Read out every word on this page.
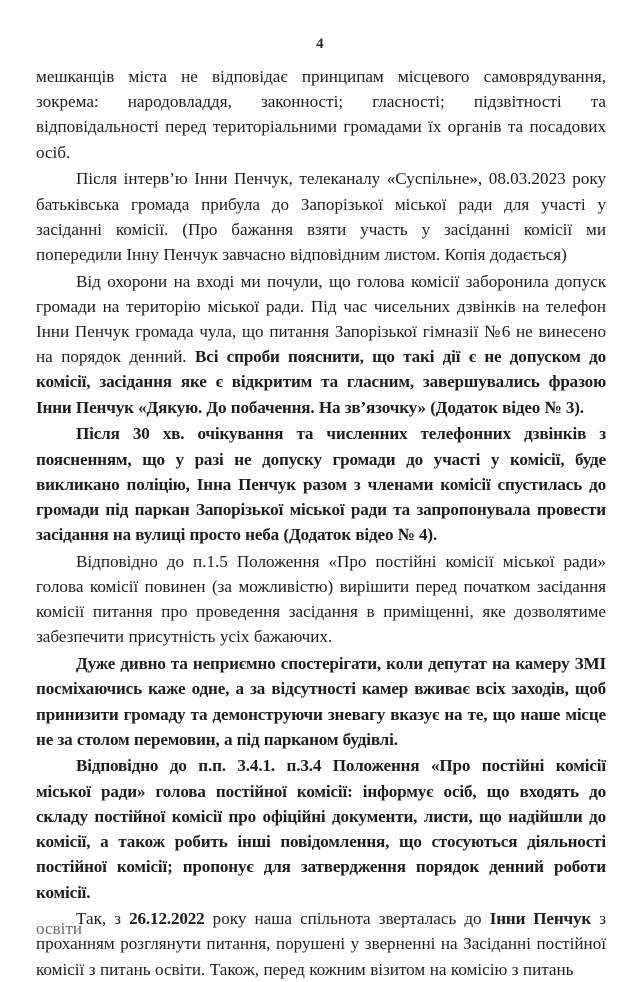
4

мешканців міста не відповідає принципам місцевого самоврядування, зокрема: народовладдя, законності; гласності; підзвітності та відповідальності перед територіальними громадами їх органів та посадових осіб.

Після інтерв’ю Інни Пенчук, телеканалу «Суспільне», 08.03.2023 року батьківська громада прибула до Запорізької міської ради для участі у засіданні комісії. (Про бажання взяти участь у засіданні комісії ми попередили Інну Пенчук завчасно відповідним листом. Копія додається)

Від охорони на вході ми почули, що голова комісії заборонила допуск громади на територію міської ради. Під час чисельних дзвінків на телефон Інни Пенчук громада чула, що питання Запорізької гімназії №6 не винесено на порядок денний. Всі спроби пояснити, що такі дії є не допуском до комісії, засідання яке є відкритим та гласним, завершувались фразою Інни Пенчук «Дякую. До побачення. На зв’язочку» (Додаток відео № 3).

Після 30 хв. очікування та численних телефонних дзвінків з поясненням, що у разі не допуску громади до участі у комісії, буде викликано поліцію, Інна Пенчук разом з членами комісії спустилась до громади під паркан Запорізької міської ради та запропонувала провести засідання на вулиці просто неба (Додаток відео № 4).

Відповідно до п.1.5 Положення «Про постійні комісії міської ради» голова комісії повинен (за можливістю) вирішити перед початком засідання комісії питання про проведення засідання в приміщенні, яке дозволятиме забезпечити присутність усіх бажаючих.

Дуже дивно та неприємно спостерігати, коли депутат на камеру ЗМІ посміхаючись каже одне, а за відсутності камер вживає всіх заходів, щоб принизити громаду та демонструючи зневагу вказує на те, що наше місце не за столом перемовин, а під парканом будівлі.

Відповідно до п.п. 3.4.1. п.3.4 Положення «Про постійні комісії міської ради» голова постійної комісії: інформує осіб, що входять до складу постійної комісії про офіційні документи, листи, що надійшли до комісії, а також робить інші повідомлення, що стосуються діяльності постійної комісії; пропонує для затвердження порядок денний роботи комісії.

Так, з 26.12.2022 року наша спільнота зверталась до Інни Пенчук з проханням розглянути питання, порушені у зверненні на Засіданні постійної комісії з питань освіти. Також, перед кожним візитом на комісію з питань

освіти
